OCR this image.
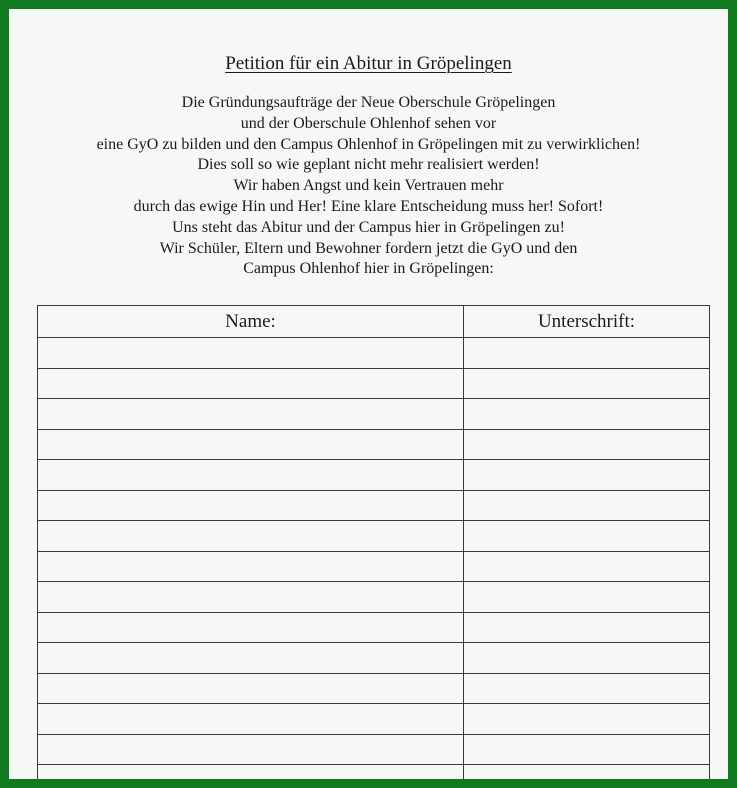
Petition für ein Abitur in Gröpelingen
Die Gründungsaufträge der Neue Oberschule Gröpelingen
und der Oberschule Ohlenhof sehen vor
eine GyO zu bilden und den Campus Ohlenhof in Gröpelingen mit zu verwirklichen!
Dies soll so wie geplant nicht mehr realisiert werden!
Wir haben Angst und kein Vertrauen mehr
durch das ewige Hin und Her! Eine klare Entscheidung muss her! Sofort!
Uns steht das Abitur und der Campus hier in Gröpelingen zu!
Wir Schüler, Eltern und Bewohner fordern jetzt die GyO und den
Campus Ohlenhof hier in Gröpelingen:
Name:	Unterschrift:
